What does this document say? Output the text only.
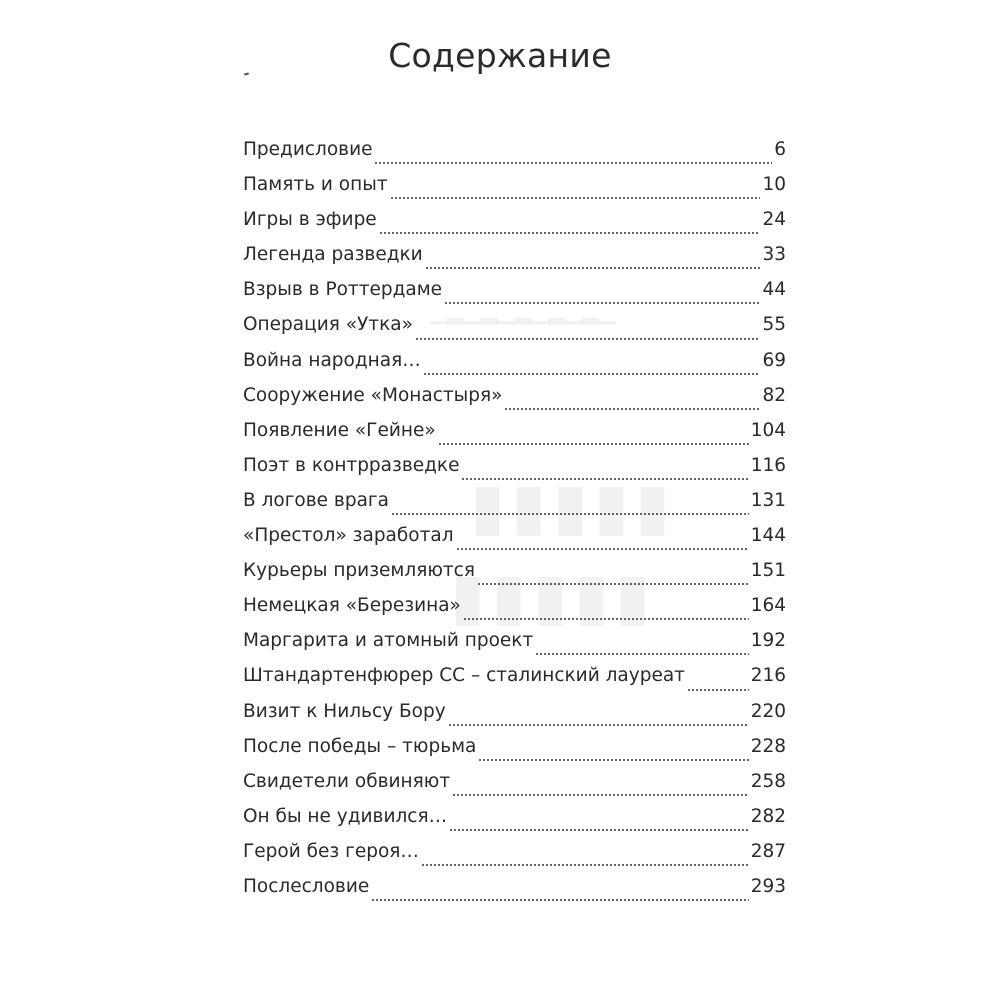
▁▂▁▂▁▂▁▂▁▂▁
▮▮▮▮▮
▮▮▮▮▮
Содержание
Предисловие	6
Память и опыт	10
Игры в эфире	24
Легенда разведки	33
Взрыв в Роттердаме	44
Операция «Утка»	55
Война народная…	69
Сооружение «Монастыря»	82
Появление «Гейне»	104
Поэт в контрразведке	116
В логове врага	131
«Престол» заработал	144
Курьеры приземляются	151
Немецкая «Березина»	164
Маргарита и атомный проект	192
Штандартенфюрер СС – сталинский лауреат	216
Визит к Нильсу Бору	220
После победы – тюрьма	228
Свидетели обвиняют	258
Он бы не удивился…	282
Герой без героя…	287
Послесловие	293
